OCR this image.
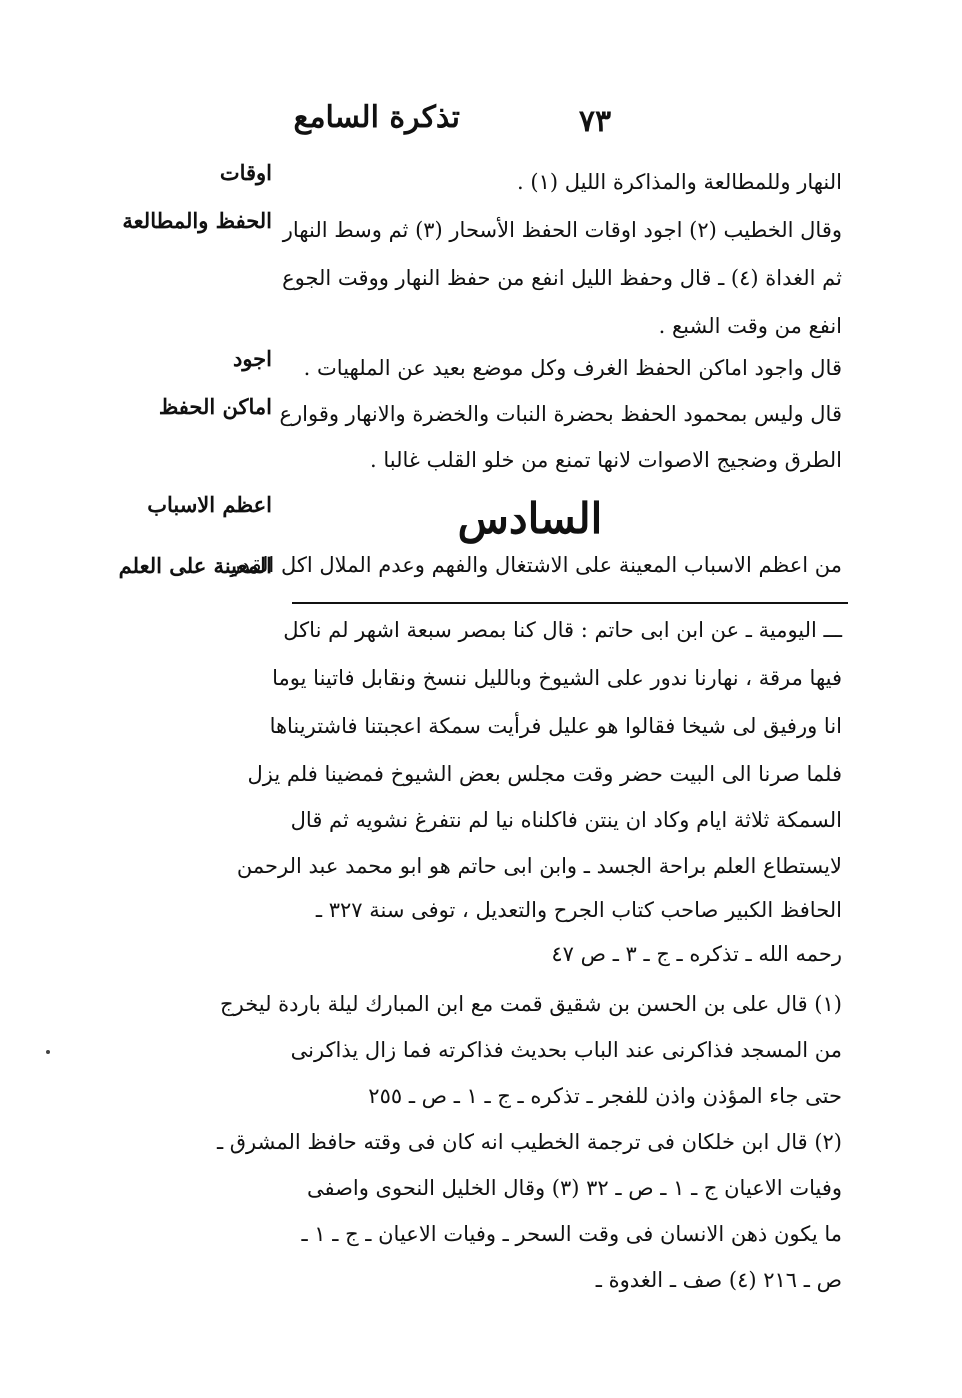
تذكرة السامع	٧٣
اوقات
الحفظ والمطالعة
اجود
اماكن الحفظ
اعظم الاسباب
المعينة على العلم
النهار وللمطالعة والمذاكرة الليل (١) .
وقال الخطيب (٢) اجود اوقات الحفظ الأسحار (٣) ثم وسط النهار
ثم الغداة (٤) ـ قال وحفظ الليل انفع من حفظ النهار ووقت الجوع
انفع من وقت الشبع .
قال واجود اماكن الحفظ الغرف وكل موضع بعيد عن الملهيات .
قال وليس بمحمود الحفظ بحضرة النبات والخضرة والانهار وقوارع
الطرق وضجيج الاصوات لانها تمنع من خلو القلب غالبا .
السادس
من اعظم الاسباب المعينة على الاشتغال والفهم وعدم الملال اكل القدر
ـــ اليومية ـ عن ابن ابى حاتم : قال كنا بمصر سبعة اشهر لم ناكل
فيها مرقة ، نهارنا ندور على الشيوخ وبالليل ننسخ ونقابل فاتينا يوما
انا ورفيق لى شيخا فقالوا هو عليل فرأيت سمكة اعجبتنا فاشتريناها
فلما صرنا الى البيت حضر وقت مجلس بعض الشيوخ فمضينا فلم يزل
السمكة ثلاثة ايام وكاد ان ينتن فاكلناه نيا لم نتفرغ نشويه ثم قال
لايستطاع العلم براحة الجسد ـ وابن ابى حاتم هو ابو محمد عبد الرحمن
الحافظ الكبير صاحب كتاب الجرح والتعديل ، توفى سنة ٣٢٧ ـ
رحمه الله ـ تذكره ـ ج ـ ٣ ـ ص ٤٧
(١) قال على بن الحسن بن شقيق قمت مع ابن المبارك ليلة باردة ليخرج
من المسجد فذاكرنى عند الباب بحديث فذاكرته فما زال يذاكرنى
حتى جاء المؤذن واذن للفجر ـ تذكره ـ ج ـ ١ ـ ص ـ ٢٥٥
(٢) قال ابن خلكان فى ترجمة الخطيب انه كان فى وقته حافظ المشرق ـ
وفيات الاعيان ج ـ ١ ـ ص ـ ٣٢ (٣) وقال الخليل النحوى واصفى
ما يكون ذهن الانسان فى وقت السحر ـ وفيات الاعيان ـ ج ـ ١ ـ
ص ـ ٢١٦ (٤) صف ـ الغدوة ـ
